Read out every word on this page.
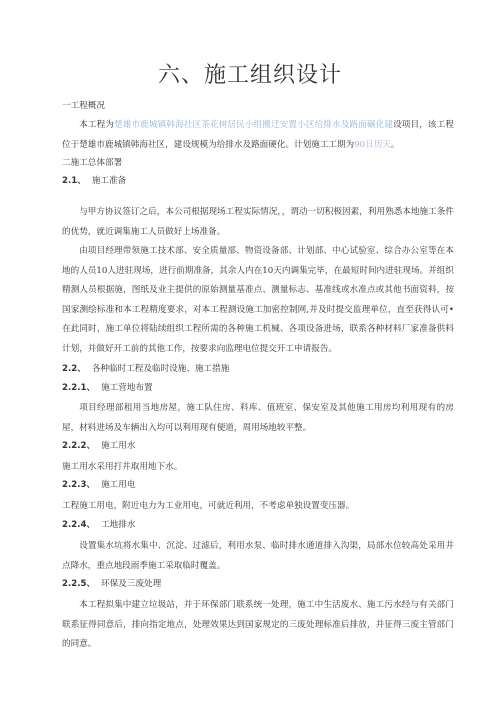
六、施工组织设计
一工程概况
本工程为楚雄市鹿城镇韩海社区茶花树居民小组搬迁安置小区给排水及路面碾化建设项目，该工程位于楚雄市鹿城镇韩海社区，建设规模为给排水及路面硬化。计划施工工期为90日历天。
二施工总体部署
2.1、 施工准备
与甲方协议签订之后，本公司根据现场工程实际情况，，谓动一切积极因素，利用熟悉本地施工条件的优势，就近调集施工人员做好上场准备。
由项目经理带领施工技术部、安全质量部、物资设备部、计划部、中心试验室、综合办公室等在本地的人员10人进驻现场，进行前期准备，其余人内在10天内调集完毕，在最短时间内进驻现场。并组织精测人员根据施，图纸及业主提供的原始测量基准点、测量标志、基准线或水准点或其他书面资料，按国家测绘标准和本工程精度要求，对本工程测设施工加密控制网,并及时提交监理单位，直至获得认可•在此同时，施工单位将陆续组织工程所需的各种施工机械、各项设备进场，联系各种材料厂家准备供料计划，并做好开工前的其他工作，按要求向监理电位提交开工申请报告。
2.2、 各种临时工程及临时设施、施工措施
2.2.1、 施工营地布置
项目经理部租用当地房屋，施工队住房、料库、值班室、保安室及其他施工用房均利用现有的房屋，材料进场及车辆出入均可以利用现有便道，周用场地较平整。
2.2.2、 施工用水
施工用水采用打井取用地下水。
2.2.3、 施工用电
工程施工用电，附近电力为工业用电，可就近利用，不考虑单独设置变压器。
2.2.4、 工地排水
设置集水坑将水集中、沉淀、过滤后，利用水泵、临时排水通道排入沟渠，局部水位较高处采用井点降水，重点地段雨季施工采取临时覆盖。
2.2.5、 环保及三废处理
本工程拟集中建立垃圾站，并于环保部门联系统一处理，施工中生活废水、施工污水经与有关部门联系征得同意后，排向指定地点，处理效果达到国家规定的三废处理标准后排放，并征得三废主管部门的同意。
